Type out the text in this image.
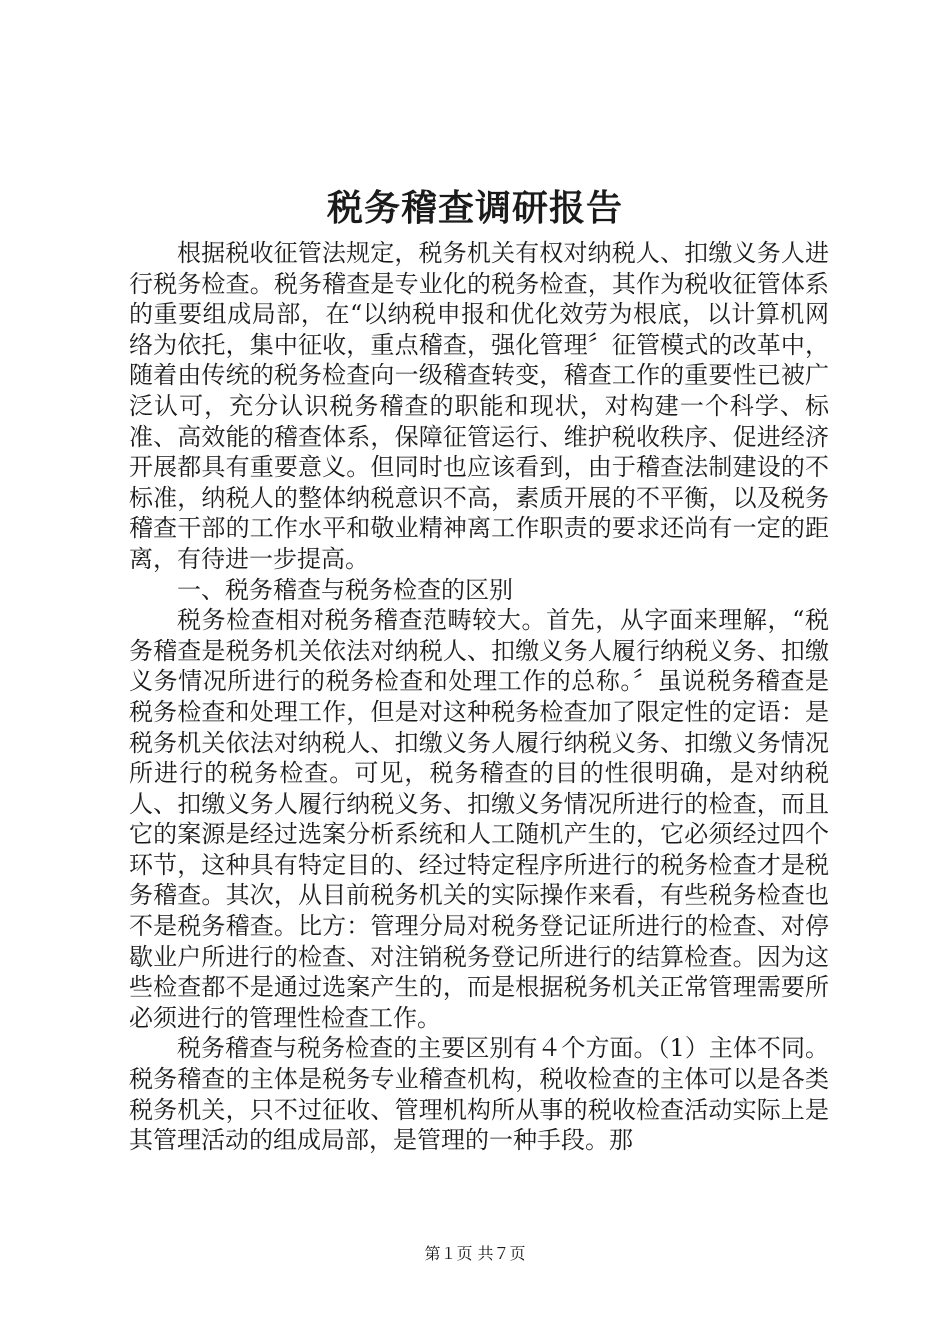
税务稽查调研报告

根据税收征管法规定，税务机关有权对纳税人、扣缴义务人进行税务检查。税务稽查是专业化的税务检查，其作为税收征管体系的重要组成局部，在“以纳税申报和优化效劳为根底，以计算机网络为依托，集中征收，重点稽查，强化管理〞征管模式的改革中，随着由传统的税务检查向一级稽查转变，稽查工作的重要性已被广泛认可，充分认识税务稽查的职能和现状，对构建一个科学、标准、高效能的稽查体系，保障征管运行、维护税收秩序、促进经济开展都具有重要意义。但同时也应该看到，由于稽查法制建设的不标准，纳税人的整体纳税意识不高，素质开展的不平衡，以及税务稽查干部的工作水平和敬业精神离工作职责的要求还尚有一定的距离，有待进一步提高。

一、税务稽查与税务检查的区别

税务检查相对税务稽查范畴较大。首先，从字面来理解，“税务稽查是税务机关依法对纳税人、扣缴义务人履行纳税义务、扣缴义务情况所进行的税务检查和处理工作的总称。〞虽说税务稽查是税务检查和处理工作，但是对这种税务检查加了限定性的定语：是税务机关依法对纳税人、扣缴义务人履行纳税义务、扣缴义务情况所进行的税务检查。可见，税务稽查的目的性很明确，是对纳税人、扣缴义务人履行纳税义务、扣缴义务情况所进行的检查，而且它的案源是经过选案分析系统和人工随机产生的，它必须经过四个环节，这种具有特定目的、经过特定程序所进行的税务检查才是税务稽查。其次，从目前税务机关的实际操作来看，有些税务检查也不是税务稽查。比方：管理分局对税务登记证所进行的检查、对停歇业户所进行的检查、对注销税务登记所进行的结算检查。因为这些检查都不是通过选案产生的，而是根据税务机关正常管理需要所必须进行的管理性检查工作。

税务稽查与税务检查的主要区别有４个方面。（1）主体不同。税务稽查的主体是税务专业稽查机构，税收检查的主体可以是各类税务机关，只不过征收、管理机构所从事的税收检查活动实际上是其管理活动的组成局部，是管理的一种手段。那

第１页 共７页
